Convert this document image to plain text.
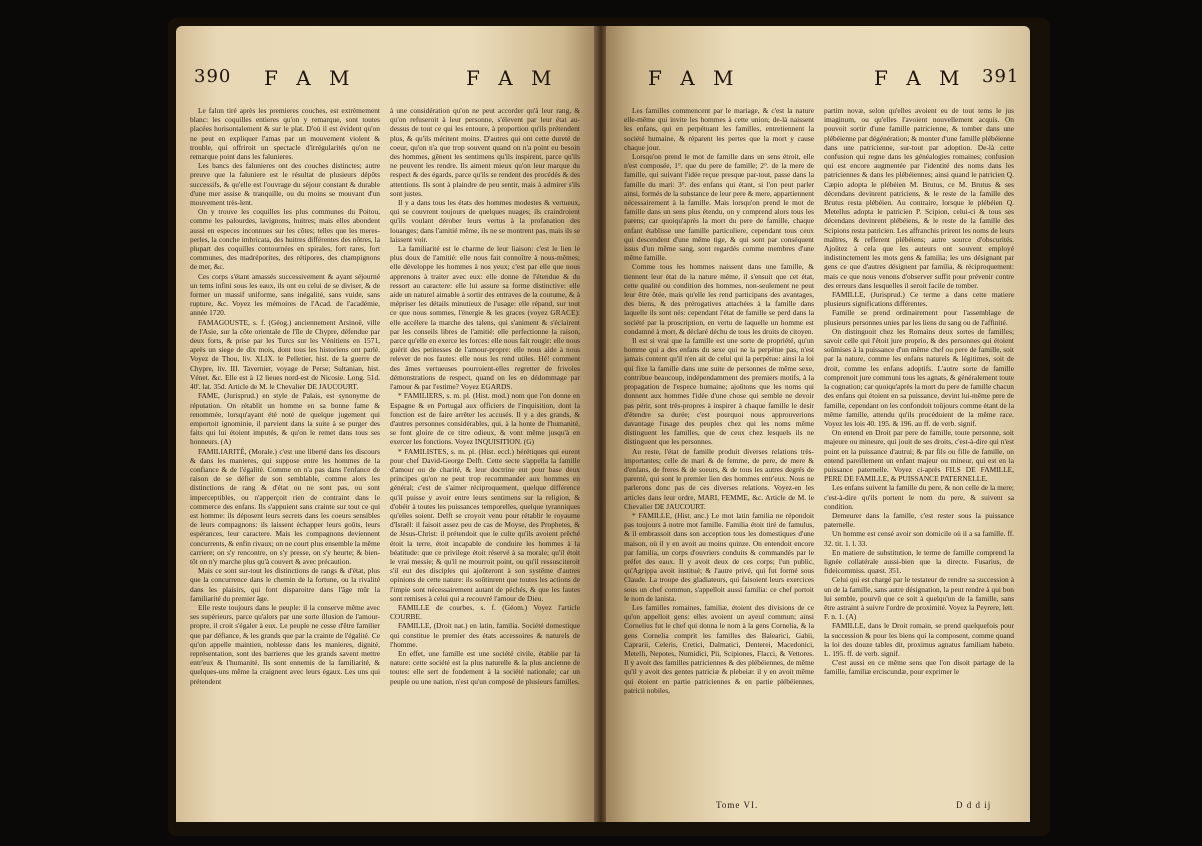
390 F A M	F A M

Le falun tiré après les premieres couches, est extrèmement blanc: les coquilles entieres qu'on y remarque, sont toutes placées horisontalement & sur le plat. D'où il est évident qu'on ne peut en expliquer l'amas par un mouvement violent & trouble, qui offriroit un spectacle d'irrégularités qu'on ne remarque point dans les falunieres.

Les bancs des falunieres ont des couches distinctes; autre preuve que la faluniere est le résultat de plusieurs dépôts successifs, & qu'elle est l'ouvrage du séjour constant & durable d'une mer assise & tranquille, ou du moins se mouvant d'un mouvement très-lent.

On y trouve les coquilles les plus communes du Poitou, comme les palourdes, lavignons, huitres; mais elles abondent aussi en especes inconnues sur les côtes; telles que les meres-perles, la conche imbricata, des huitres différentes des nôtres, la plupart des coquilles contournées en spirales, fort rares, fort communes, des madréporites, des rétipores, des champignons de mer, &c.

Ces corps s'étant amassés successivement & ayant séjourné un tems infini sous les eaux, ils ont eu celui de se diviser, & de former un massif uniforme, sans inégalité, sans vuide, sans rupture, &c. Voyez les mémoires de l'Acad. de l'académie, année 1720.

FAMAGOUSTE, s. f. (Géog.) anciennement Arsinoë, ville de l'Asie, sur la côte orientale de l'île de Chypre, défendue par deux forts, & prise par les Turcs sur les Vénitiens en 1571, après un siege de dix mois, dont tous les historiens ont parlé. Voyez de Thou, liv. XLIX. le Pelletier, hist. de la guerre de Chypre, liv. III. Tavernier, voyage de Perse; Sultanian, hist. Vénet. &c. Elle est à 12 lieues nord-est de Nicosie. Long. 51d. 40'. lat. 35d. Article de M. le Chevalier DE JAUCOURT.

FAME, (Jurisprud.) en style de Palais, est synonyme de réputation. On rétablit un homme en sa bonne fame & renommée, lorsqu'ayant été noté de quelque jugement qui emportoit ignominie, il parvient dans la suite à se purger des faits qui lui étoient imputés, & qu'on le remet dans tous ses honneurs. (A)

FAMILIARITÉ, (Morale.) c'est une liberté dans les discours & dans les manieres, qui suppose entre les hommes de la confiance & de l'égalité. Comme on n'a pas dans l'enfance de raison de se défier de son semblable, comme alors les distinctions de rang & d'état ou ne sont pas, ou sont imperceptibles, ou n'apperçoit rien de contraint dans le commerce des enfans. Ils s'appuient sans crainte sur tout ce qui est homme: ils déposent leurs secrets dans les coeurs sensibles de leurs compagnons: ils laissent échapper leurs goûts, leurs espérances, leur caractere. Mais les compagnons deviennent concurrents, & enfin rivaux; on ne court plus ensemble la même carriere; on s'y rencontre, on s'y presse, on s'y heurte; & bien-tôt on n'y marche plus qu'à couvert & avec précaution.

Mais ce sont sur-tout les distinctions de rangs & d'état, plus que la concurrence dans le chemin de la fortune, ou la rivalité dans les plaisirs, qui font disparoitre dans l'âge mûr la familiarité du premier âge.

Elle reste toujours dans le peuple: il la conserve même avec ses supérieurs, parce qu'alors par une sorte illusion de l'amour-propre, il croit s'égaler à eux. Le peuple ne cesse d'être familier que par défiance, & les grands que par la crainte de l'égalité. Ce qu'on appelle maintien, noblesse dans les manieres, dignité, représentation, sont des barrieres que les grands savent mettre entr'eux & l'humanité. Ils sont ennemis de la familiarité, & quelques-uns même la craignent avec leurs égaux. Les uns qui prétendent

à une considération qu'on ne peut accorder qu'à leur rang, & qu'on refuseroit à leur personne, s'élevent par leur état au-dessus de tout ce qui les entoure, à proportion qu'ils prétendent plus, & qu'ils méritent moins. D'autres qui ont cette dureté de coeur, qu'on n'a que trop souvent quand on n'a point eu besoin des hommes, gênent les sentimens qu'ils inspirent, parce qu'ils ne peuvent les rendre. Ils aiment mieux qu'on leur marque du respect & des égards, parce qu'ils se rendent des procédés & des attentions. Ils sont à plaindre de peu sentir, mais à admirer s'ils sont justes.

Il y a dans tous les états des hommes modestes & vertueux, qui se couvrent toujours de quelques nuages; ils craindroient qu'ils voulant dérober leurs vertus à la profanation des louanges; dans l'amitié même, ils ne se montrent pas, mais ils se laissent voir.

La familiarité est le charme de leur liaison: c'est le lien le plus doux de l'amitié: elle nous fait connoître à nous-mêmes; elle développe les hommes à nos yeux; c'est par elle que nous apprenons à traiter avec eux: elle donne de l'étendue & du ressort au caractere: elle lui assure sa forme distinctive: elle aide un naturel aimable à sortir des entraves de la coutume, & à mépriser les détails minutieux de l'usage: elle répand, sur tout ce que nous sommes, l'énergie & les graces (voyez GRACE): elle accélere la marche des talens, qui s'animent & s'éclairent par les conseils libres de l'amitié: elle perfectionne la raison, parce qu'elle en exerce les forces: elle nous fait rougir: elle nous guérit des petitesses de l'amour-propre: elle nous aide à nous relever de nos fautes: elle nous les rend utiles. Hé! comment des âmes vertueuses pourroient-elles regretter de frivoles démonstrations de respect, quand on les en dédommage par l'amour & par l'estime? Voyez EGARDS.

* FAMILIERS, s. m. pl. (Hist. mod.) nom que l'on donne en Espagne & en Portugal aux officiers de l'inquisition, dont la fonction est de faire arrêter les accusés. Il y a des grands, & d'autres personnes considérables, qui, à la honte de l'humanité, se font gloire de ce titre odieux, & vont même jusqu'à en exercer les fonctions. Voyez INQUISITION. (G)

* FAMILISTES, s. m. pl. (Hist. eccl.) hérétiques qui eurent pour chef David-George Delft. Cette secte s'appella la famille d'amour ou de charité, & leur doctrine eut pour base deux principes qu'on ne peut trop recommander aux hommes en général; c'est de s'aimer réciproquement, quelque différence qu'il puisse y avoir entre leurs sentimens sur la religion, & d'obéir à toutes les puissances temporelles, quelque tyranniques qu'elles soient. Delft se croyoit venu pour rétablir le royaume d'Israël: il faisoit assez peu de cas de Moyse, des Prophetes, & de Jésus-Christ: il prétendoit que le culte qu'ils avoient prêché étoit la terre, étoit incapable de conduire les hommes à la béatitude: que ce privilege étoit réservé à sa morale; qu'il étoit le vrai messie; & qu'il ne mourroit point, ou qu'il ressusciteroit s'il eut des disciples qui ajoûteront à son systême d'autres opinions de cette nature: ils soûtinrent que toutes les actions de l'impie sont nécessairement autant de péchés, & que les fautes sont remises à celui qui a recouvré l'amour de Dieu.

FAMILLE de courbes, s. f. (Géom.) Voyez l'article COURBE.

FAMILLE, (Droit nat.) en latin, familia. Société domestique qui constitue le premier des états accessoires & naturels de l'homme.

En effet, une famille est une société civile, établie par la nature: cette société est la plus naturelle & la plus ancienne de toutes: elle sert de fondement à la société nationale; car un peuple ou une nation, n'est qu'un composé de plusieurs familles.

F A M	F A M 391

Les familles commencent par le mariage, & c'est la nature elle-même qui invite les hommes à cette union; de-là naissent les enfans, qui en perpétuant les familles, entretiennent la société humaine, & réparent les pertes que la mort y cause chaque jour.

Lorsqu'on prend le mot de famille dans un sens étroit, elle n'est composée, 1°. que du pere de famille; 2°. de la mere de famille, qui suivant l'idée reçue presque par-tout, passe dans la famille du mari: 3°. des enfans qui étant, si l'on peut parler ainsi, formés de la substance de leur pere & mere, appartiennent nécessairement à la famille. Mais lorsqu'on prend le mot de famille dans un sens plus étendu, on y comprend alors tous les parens; car quoiqu'après la mort du pere de famille, chaque enfant établisse une famille particuliere, cependant tous ceux qui descendent d'une même tige, & qui sont par conséquent issus d'un même sang, sont regardés comme membres d'une même famille.

Comme tous les hommes naissent dans une famille, & tiennent leur état de la nature même, il s'ensuit que cet état, cette qualité ou condition des hommes, non-seulement ne peut leur être ôtée, mais qu'elle les rend participans des avantages, des biens, & des prérogatives attachées à la famille dans laquelle ils sont nés: cependant l'état de famille se perd dans la société par la proscription, en vertu de laquelle un homme est condamné à mort, & déclaré déchu de tous les droits de citoyen.

Il est si vrai que la famille est une sorte de propriété, qu'un homme qui a des enfans du sexe qui ne la perpétue pas, n'est jamais content qu'il n'en ait de celui qui la perpétue: ainsi la loi qui fixe la famille dans une suite de personnes de même sexe, contribue beaucoup, indépendamment des premiers motifs, à la propagation de l'espece humaine; ajoûtons que les noms qui donnent aux hommes l'idée d'une chose qui semble ne devoir pas périr, sont très-propres à inspirer à chaque famille le desir d'étendre sa durée; c'est pourquoi nous approuverions davantage l'usage des peuples chez qui les noms même distinguent les familles, que de ceux chez lesquels ils ne distinguent que les personnes.

Au reste, l'état de famille produit diverses relations très-importantes; celle de mari & de femme, de pere, de mere & d'enfans, de freres & de soeurs, & de tous les autres degrés de parenté, qui sont le premier lien des hommes entr'eux. Nous ne parlerons donc pas de ces diverses relations. Voyez-en les articles dans leur ordre, MARI, FEMME, &c. Article de M. le Chevalier DE JAUCOURT.

* FAMILLE, (Hist. anc.) Le mot latin familia ne répondoit pas toujours à notre mot famille. Familia étoit tiré de famulus, & il embrassoit dans son acception tous les domestiques d'une maison, où il y en avoit au moins quinze. On entendoit encore par familia, un corps d'ouvriers conduits & commandés par le préfet des eaux. Il y avoit deux de ces corps; l'un public, qu'Agrippa avoit institué; & l'autre privé, qui fut formé sous Claude. La troupe des gladiateurs, qui faisoient leurs exercices sous un chef commun, s'appelloit aussi familia: ce chef portoit le nom de lanista.

Les familles romaines, familiæ, étoient des divisions de ce qu'on appelloit gens: elles avoient un ayeul commun; ainsi Cornelius fut le chef qui donna le nom à la gens Cornelia, & la gens Cornelia comprit les familles des Balearici, Gabii, Caprarii, Celeris, Cretici, Dalmatici, Denterei, Macedonici, Metelli, Nepotes, Numidici, Pii, Scipiones, Flacci, & Vettores. Il y avoit des familles patriciennes & des plébéiennes, de même qu'il y avoit des gentes patriciæ & plebeiæ: il y en avoit même qui étoient en partie patriciennes & en partie plébéiennes, patricii nobiles,

partim novæ, selon qu'elles avoient eu de tout tems le jus imaginum, ou qu'elles l'avoient nouvellement acquis. On pouvoit sortir d'une famille patricienne, & tomber dans une plébéienne par dégénération; & monter d'une famille plébéienne dans une patricienne, sur-tout par adoption. De-là cette confusion qui regne dans les généalogies romaines; confusion qui est encore augmentée par l'identité des noms dans les patriciennes & dans les plébéiennes; ainsi quand le patricien Q. Cæpio adopta le plébéien M. Brutus, ce M. Brutus & ses décendans devinrent patriciens, & le reste de la famille des Brutus resta plébéien. Au contraire, lorsque le plébéien Q. Metellus adopta le patricien P. Scipion, celui-ci & tous ses décendans devinrent plébéiens, & le reste de la famille des Scipions resta patricien. Les affranchis prirent les noms de leurs maîtres, & reflerent plébéiens; autre source d'obscurités. Ajoûtez à cela que les auteurs ont souvent employé indistinctement les mots gens & familia; les uns désignant par gens ce que d'autres désignent par familia, & réciproquement: mais ce que nous venons d'observer suffit pour prévenir contre des erreurs dans lesquelles il seroit facile de tomber.

FAMILLE, (Jurisprud.) Ce terme a dans cette matiere plusieurs significations différentes.

Famille se prend ordinairement pour l'assemblage de plusieurs personnes unies par les liens du sang ou de l'affinité.

On distinguoit chez les Romains deux sortes de familles; savoir celle qui l'étoit jure proprio, & des personnes qui étoient soûmises à la puissance d'un même chef ou pere de famille, soit par la nature, comme les enfans naturels & légitimes, soit de droit, comme les enfans adoptifs. L'autre sorte de famille comprenoit jure communi tous les agnats, & généralement toute la cognation; car quoiqu'après la mort du pere de famille chacun des enfans qui étoient en sa puissance, devint lui-même pere de famille, cependant on les confondoit toûjours comme étant de la même famille, attendu qu'ils procédoient de la même race. Voyez les lois 40. 195. & 196. au ff. de verb. signif.

On entend en Droit par pere de famille, toute personne, soit majeure ou mineure, qui jouit de ses droits, c'est-à-dire qui n'est point en la puissance d'autrui; & par fils ou fille de famille, on entend pareillement un enfant majeur ou mineur, qui est en la puissance paternelle. Voyez ci-après FILS DE FAMILLE, PERE DE FAMILLE, & PUISSANCE PATERNELLE.

Les enfans suivent la famille du pere, & non celle de la mere; c'est-à-dire qu'ils portent le nom du pere, & suivent sa condition.

Demeurer dans la famille, c'est rester sous la puissance paternelle.

Un homme est censé avoir son domicile où il a sa famille. ff. 32. tit. 1. l. 33.

En matiere de substitution, le terme de famille comprend la lignée collatérale aussi-bien que la directe. Fusarius, de fideicommiss. quæst. 351.

Celui qui est chargé par le testateur de rendre sa succession à un de la famille, sans autre désignation, la peut rendre à qui bon lui semble, pourvû que ce soit à quelqu'un de la famille, sans être astraint à suivre l'ordre de proximité. Voyez la Peyrere, lett. F. n. 1. (A)

FAMILLE, dans le Droit romain, se prend quelquefois pour la succession & pour les biens qui la composent, comme quand la loi des douze tables dit, proximus agnatus familiam habeto. L. 195. ff. de verb. signif.

C'est aussi en ce même sens que l'on disoit partage de la famille, familiæ erciscundæ, pour exprimer le

Tome VI.	D d d ij
